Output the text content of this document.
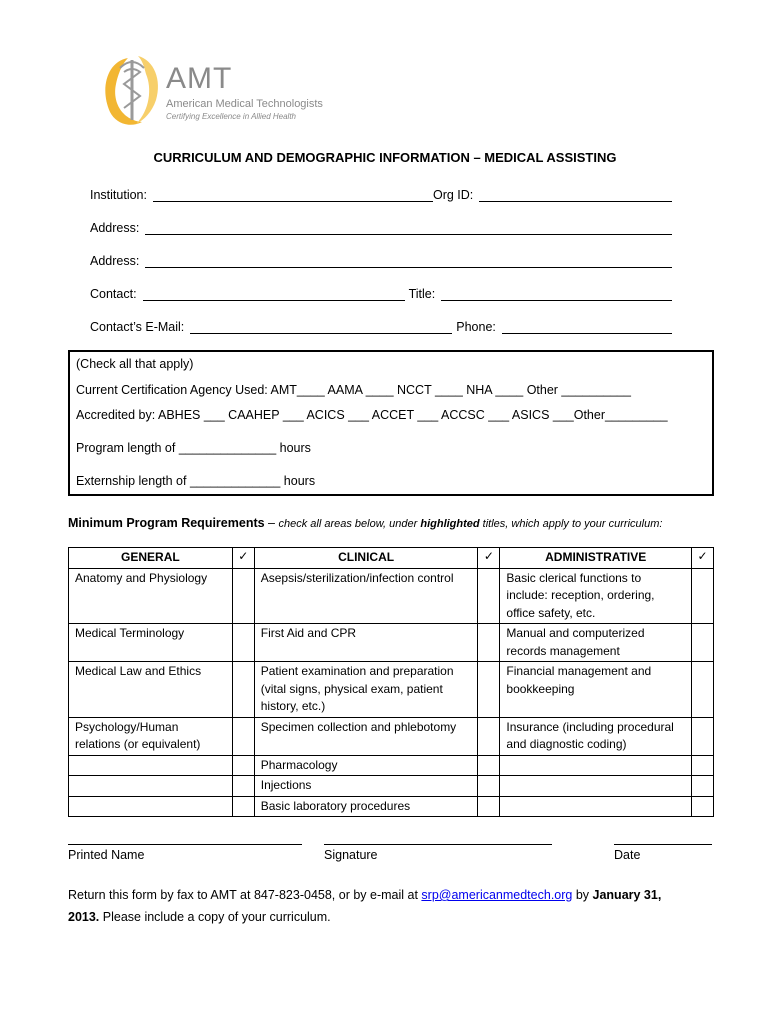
AMT
American Medical Technologists
Certifying Excellence in Allied Health
CURRICULUM AND DEMOGRAPHIC INFORMATION – MEDICAL ASSISTING
Institution:	Org ID:
Address:
Address:
Contact:	Title:
Contact’s E-Mail:	Phone:
(Check all that apply)
Current Certification Agency Used: AMT____ AAMA ____ NCCT ____ NHA ____ Other __________
Accredited by: ABHES ___ CAAHEP ___ ACICS ___ ACCET ___ ACCSC ___ ASICS ___Other_________
Program length of ______________ hours
Externship length of _____________ hours
Minimum Program Requirements – check all areas below, under highlighted titles, which apply to your curriculum:
GENERAL	✓	CLINICAL	✓	ADMINISTRATIVE	✓
Anatomy and Physiology		Asepsis/sterilization/infection control		Basic clerical functions to include: reception, ordering, office safety, etc.	
Medical Terminology		First Aid and CPR		Manual and computerized records management	
Medical Law and Ethics		Patient examination and preparation (vital signs, physical exam, patient history, etc.)		Financial management and bookkeeping	
Psychology/Human relations (or equivalent)		Specimen collection and phlebotomy		Insurance (including procedural and diagnostic coding)	
		Pharmacology			
		Injections			
		Basic laboratory procedures			
Printed Name	Signature	Date
Return this form by fax to AMT at 847-823-0458, or by e-mail at srp@americanmedtech.org by January 31, 2013. Please include a copy of your curriculum.
